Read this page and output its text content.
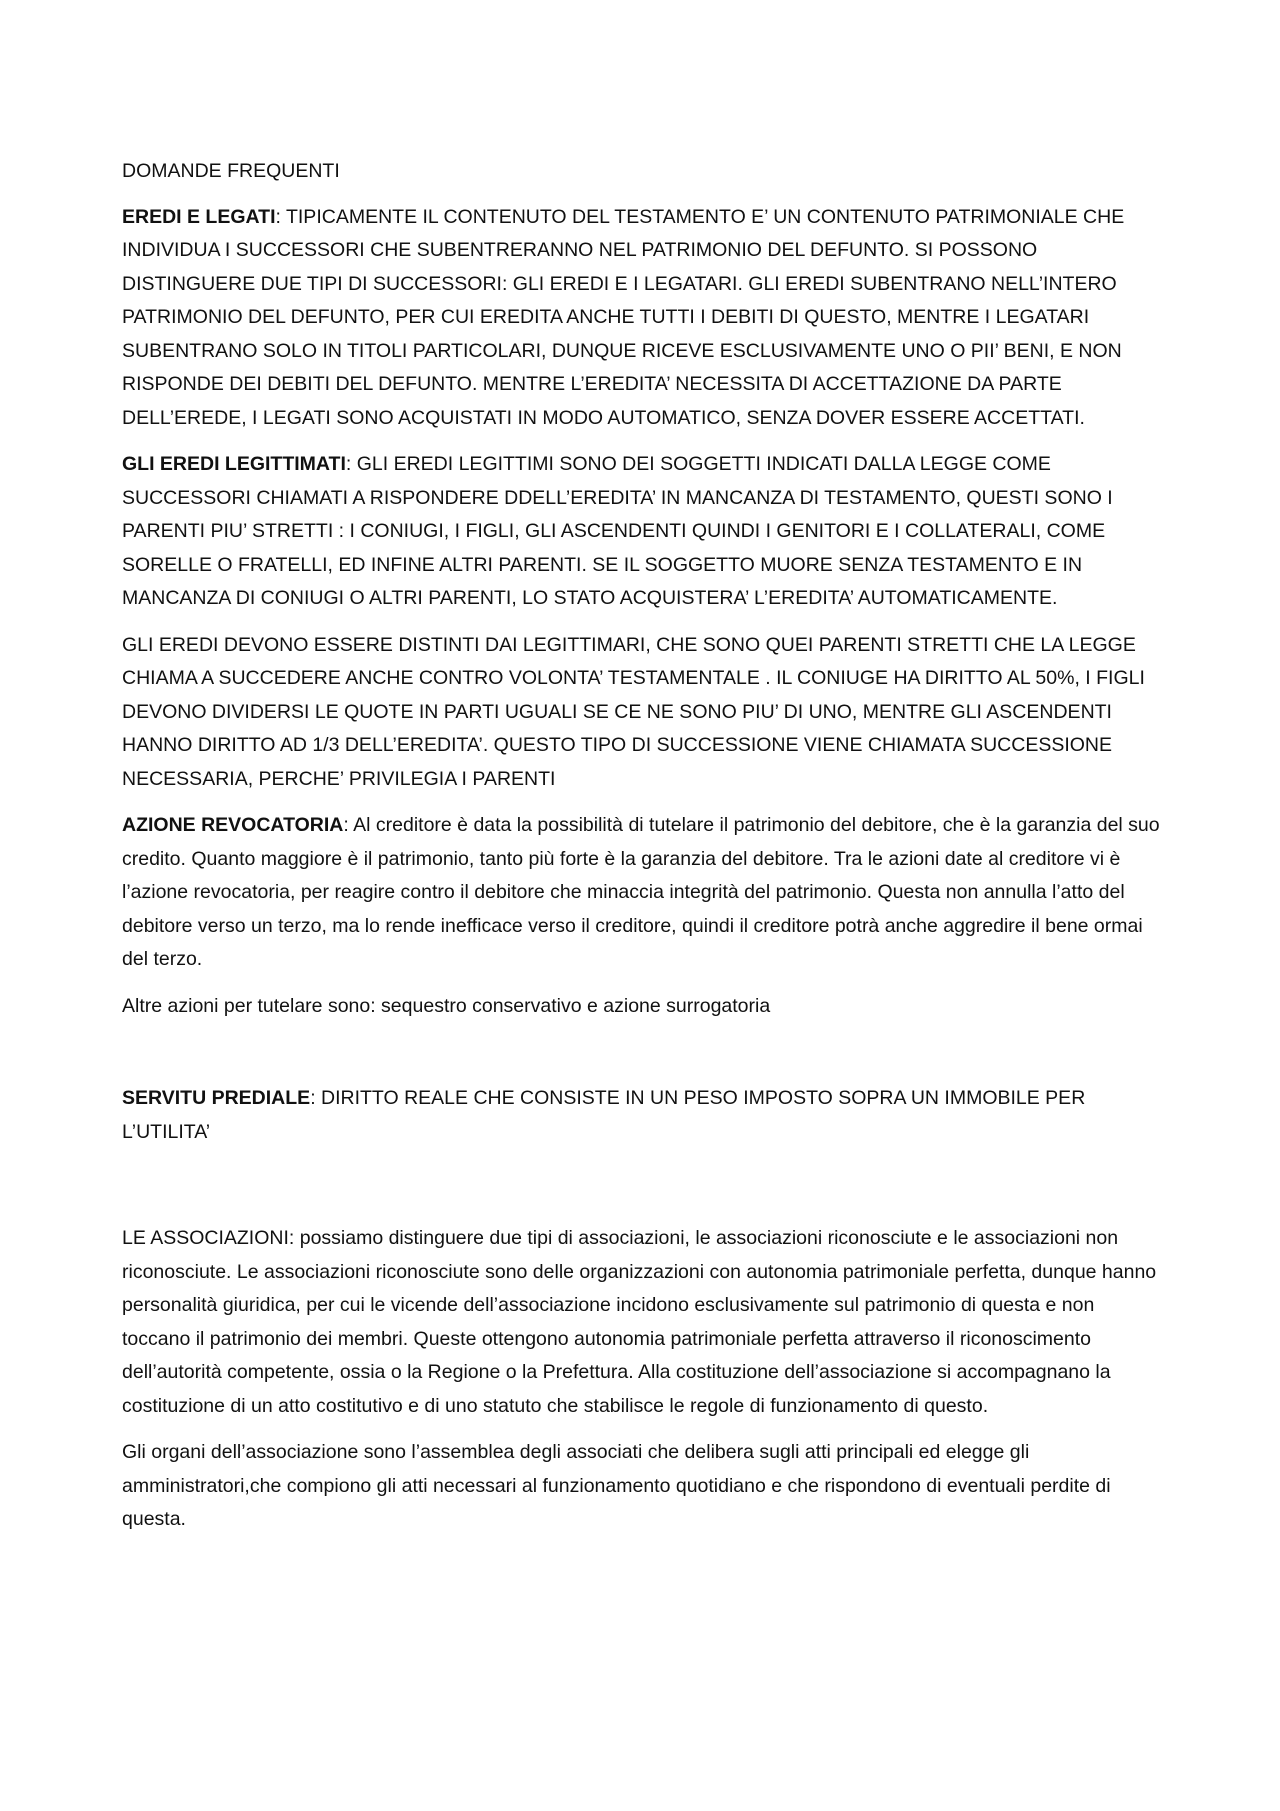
DOMANDE FREQUENTI

EREDI E LEGATI: TIPICAMENTE IL CONTENUTO DEL TESTAMENTO E’ UN CONTENUTO PATRIMONIALE CHE INDIVIDUA I SUCCESSORI CHE SUBENTRERANNO NEL PATRIMONIO DEL DEFUNTO. SI POSSONO DISTINGUERE DUE TIPI DI SUCCESSORI: GLI EREDI E I LEGATARI. GLI EREDI SUBENTRANO NELL’INTERO PATRIMONIO DEL DEFUNTO, PER CUI EREDITA ANCHE TUTTI I DEBITI DI QUESTO, MENTRE I LEGATARI SUBENTRANO SOLO IN TITOLI PARTICOLARI, DUNQUE RICEVE ESCLUSIVAMENTE UNO O PII’ BENI, E NON RISPONDE DEI DEBITI DEL DEFUNTO. MENTRE L’EREDITA’ NECESSITA DI ACCETTAZIONE DA PARTE DELL’EREDE, I LEGATI SONO ACQUISTATI IN MODO AUTOMATICO, SENZA DOVER ESSERE ACCETTATI.

GLI EREDI LEGITTIMATI: GLI EREDI LEGITTIMI SONO DEI SOGGETTI INDICATI DALLA LEGGE COME SUCCESSORI CHIAMATI A RISPONDERE DDELL’EREDITA’ IN MANCANZA DI TESTAMENTO, QUESTI SONO I PARENTI PIU’ STRETTI : I CONIUGI, I FIGLI, GLI ASCENDENTI QUINDI I GENITORI E I COLLATERALI, COME SORELLE O FRATELLI, ED INFINE ALTRI PARENTI. SE IL SOGGETTO MUORE SENZA TESTAMENTO E IN MANCANZA DI CONIUGI O ALTRI PARENTI, LO STATO ACQUISTERA’ L’EREDITA’ AUTOMATICAMENTE.

GLI EREDI DEVONO ESSERE DISTINTI DAI LEGITTIMARI, CHE SONO QUEI PARENTI STRETTI CHE LA LEGGE CHIAMA A SUCCEDERE ANCHE CONTRO VOLONTA’ TESTAMENTALE . IL CONIUGE HA DIRITTO AL 50%, I FIGLI DEVONO DIVIDERSI LE QUOTE IN PARTI UGUALI SE CE NE SONO PIU’ DI UNO, MENTRE GLI ASCENDENTI HANNO DIRITTO AD 1/3 DELL’EREDITA’. QUESTO TIPO DI SUCCESSIONE VIENE CHIAMATA SUCCESSIONE NECESSARIA, PERCHE’ PRIVILEGIA I PARENTI

AZIONE REVOCATORIA: Al creditore è data la possibilità di tutelare il patrimonio del debitore, che è la garanzia del suo credito. Quanto maggiore è il patrimonio, tanto più forte è la garanzia del debitore. Tra le azioni date al creditore vi è l’azione revocatoria, per reagire contro il debitore che minaccia integrità del patrimonio. Questa non annulla l’atto del debitore verso un terzo, ma lo rende inefficace verso il creditore, quindi il creditore potrà anche aggredire il bene ormai del terzo.

Altre azioni per tutelare sono: sequestro conservativo e azione surrogatoria

SERVITU PREDIALE: DIRITTO REALE CHE CONSISTE IN UN PESO IMPOSTO SOPRA UN IMMOBILE PER L’UTILITA’

LE ASSOCIAZIONI: possiamo distinguere due tipi di associazioni, le associazioni riconosciute e le associazioni non riconosciute. Le associazioni riconosciute sono delle organizzazioni con autonomia patrimoniale perfetta, dunque hanno personalità giuridica, per cui le vicende dell’associazione incidono esclusivamente sul patrimonio di questa e non toccano il patrimonio dei membri. Queste ottengono autonomia patrimoniale perfetta attraverso il riconoscimento dell’autorità competente, ossia o la Regione o la Prefettura. Alla costituzione dell’associazione si accompagnano la costituzione di un atto costitutivo e di uno statuto che stabilisce le regole di funzionamento di questo.

Gli organi dell’associazione sono l’assemblea degli associati che delibera sugli atti principali ed elegge gli amministratori,che compiono gli atti necessari al funzionamento quotidiano e che rispondono di eventuali perdite di questa.
